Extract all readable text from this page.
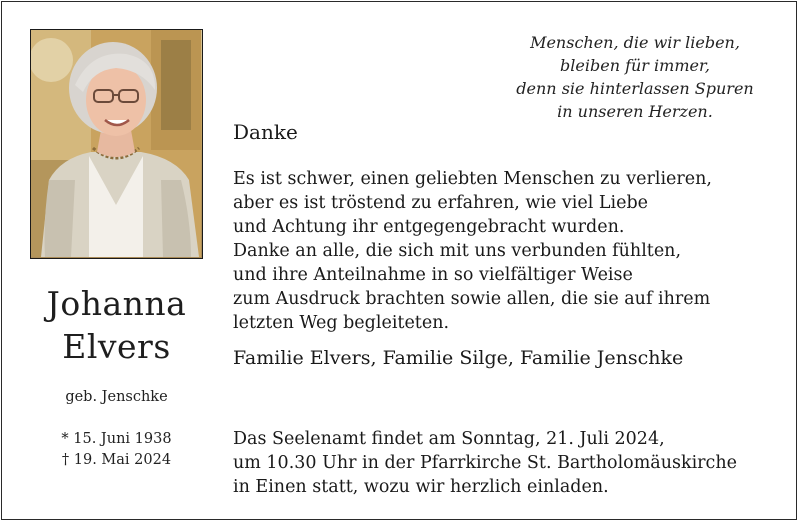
Johanna
Elvers
geb. Jenschke
* 15. Juni 1938
† 19. Mai 2024
Menschen, die wir lieben,
bleiben für immer,
denn sie hinterlassen Spuren
in unseren Herzen.
Danke
Es ist schwer, einen geliebten Menschen zu verlieren,
aber es ist tröstend zu erfahren, wie viel Liebe
und Achtung ihr entgegengebracht wurden.
Danke an alle, die sich mit uns verbunden fühlten,
und ihre Anteilnahme in so vielfältiger Weise
zum Ausdruck brachten sowie allen, die sie auf ihrem
letzten Weg begleiteten.
Familie Elvers, Familie Silge, Familie Jenschke
Das Seelenamt findet am Sonntag, 21. Juli 2024,
um 10.30 Uhr in der Pfarrkirche St. Bartholomäuskirche
in Einen statt, wozu wir herzlich einladen.
